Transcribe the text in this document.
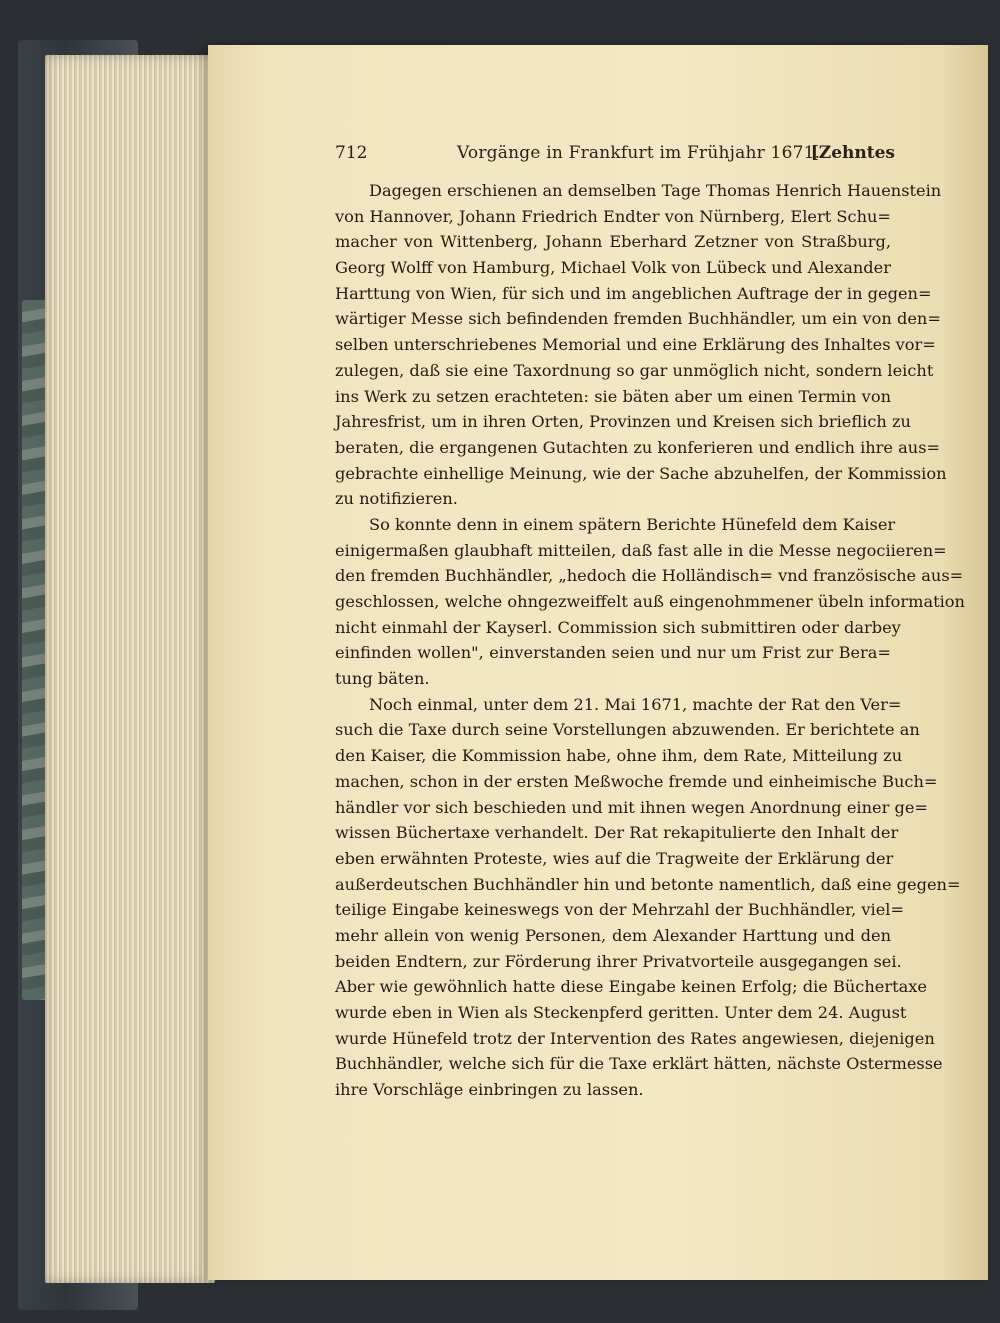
712	Vorgänge in Frankfurt im Frühjahr 1671.
[Zehntes
Dagegen erschienen an demselben Tage Thomas Henrich Hauenstein
von Hannover, Johann Friedrich Endter von Nürnberg, Elert Schu=
macher von Wittenberg, Johann Eberhard Zetzner von Straßburg,
Georg Wolff von Hamburg, Michael Volk von Lübeck und Alexander
Harttung von Wien, für sich und im angeblichen Auftrage der in gegen=
wärtiger Messe sich befindenden fremden Buchhändler, um ein von den=
selben unterschriebenes Memorial und eine Erklärung des Inhaltes vor=
zulegen, daß sie eine Taxordnung so gar unmöglich nicht, sondern leicht
ins Werk zu setzen erachteten: sie bäten aber um einen Termin von
Jahresfrist, um in ihren Orten, Provinzen und Kreisen sich brieflich zu
beraten, die ergangenen Gutachten zu konferieren und endlich ihre aus=
gebrachte einhellige Meinung, wie der Sache abzuhelfen, der Kommission
zu notifizieren.
So konnte denn in einem spätern Berichte Hünefeld dem Kaiser
einigermaßen glaubhaft mitteilen, daß fast alle in die Messe negociieren=
den fremden Buchhändler, „hedoch die Holländisch= vnd französische aus=
geschlossen, welche ohngezweiffelt auß eingenohmmener übeln information
nicht einmahl der Kayserl. Commission sich submittiren oder darbey
einfinden wollen", einverstanden seien und nur um Frist zur Bera=
tung bäten.
Noch einmal, unter dem 21. Mai 1671, machte der Rat den Ver=
such die Taxe durch seine Vorstellungen abzuwenden. Er berichtete an
den Kaiser, die Kommission habe, ohne ihm, dem Rate, Mitteilung zu
machen, schon in der ersten Meßwoche fremde und einheimische Buch=
händler vor sich beschieden und mit ihnen wegen Anordnung einer ge=
wissen Büchertaxe verhandelt. Der Rat rekapitulierte den Inhalt der
eben erwähnten Proteste, wies auf die Tragweite der Erklärung der
außerdeutschen Buchhändler hin und betonte namentlich, daß eine gegen=
teilige Eingabe keineswegs von der Mehrzahl der Buchhändler, viel=
mehr allein von wenig Personen, dem Alexander Harttung und den
beiden Endtern, zur Förderung ihrer Privatvorteile ausgegangen sei.
Aber wie gewöhnlich hatte diese Eingabe keinen Erfolg; die Büchertaxe
wurde eben in Wien als Steckenpferd geritten. Unter dem 24. August
wurde Hünefeld trotz der Intervention des Rates angewiesen, diejenigen
Buchhändler, welche sich für die Taxe erklärt hätten, nächste Ostermesse
ihre Vorschläge einbringen zu lassen.
